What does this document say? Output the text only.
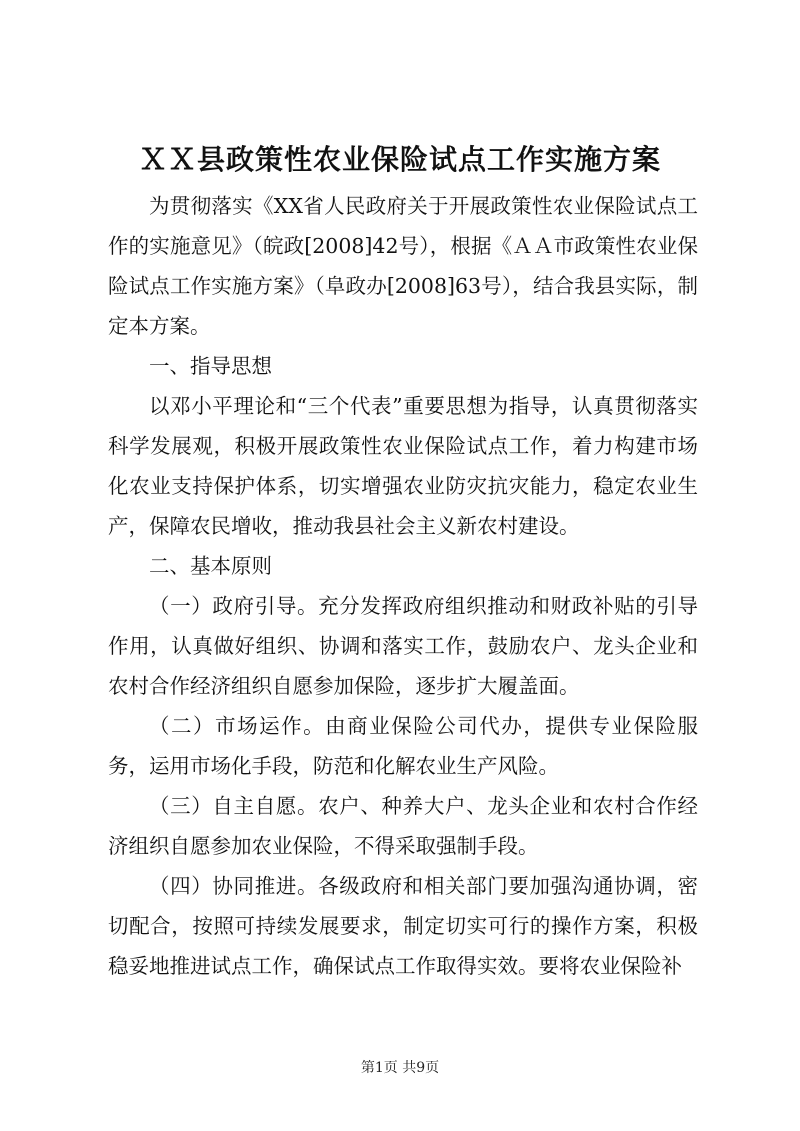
ＸＸ县政策性农业保险试点工作实施方案

为贯彻落实《XX省人民政府关于开展政策性农业保险试点工作的实施意见》（皖政[2008]42号），根据《ＡＡ市政策性农业保险试点工作实施方案》（阜政办[2008]63号），结合我县实际，制定本方案。

一、指导思想

以邓小平理论和“三个代表”重要思想为指导，认真贯彻落实科学发展观，积极开展政策性农业保险试点工作，着力构建市场化农业支持保护体系，切实增强农业防灾抗灾能力，稳定农业生产，保障农民增收，推动我县社会主义新农村建设。

二、基本原则

（一）政府引导。充分发挥政府组织推动和财政补贴的引导作用，认真做好组织、协调和落实工作，鼓励农户、龙头企业和农村合作经济组织自愿参加保险，逐步扩大履盖面。

（二）市场运作。由商业保险公司代办，提供专业保险服务，运用市场化手段，防范和化解农业生产风险。

（三）自主自愿。农户、种养大户、龙头企业和农村合作经济组织自愿参加农业保险，不得采取强制手段。

（四）协同推进。各级政府和相关部门要加强沟通协调，密切配合，按照可持续发展要求，制定切实可行的操作方案，积极稳妥地推进试点工作，确保试点工作取得实效。要将农业保险补

第1页 共9页
